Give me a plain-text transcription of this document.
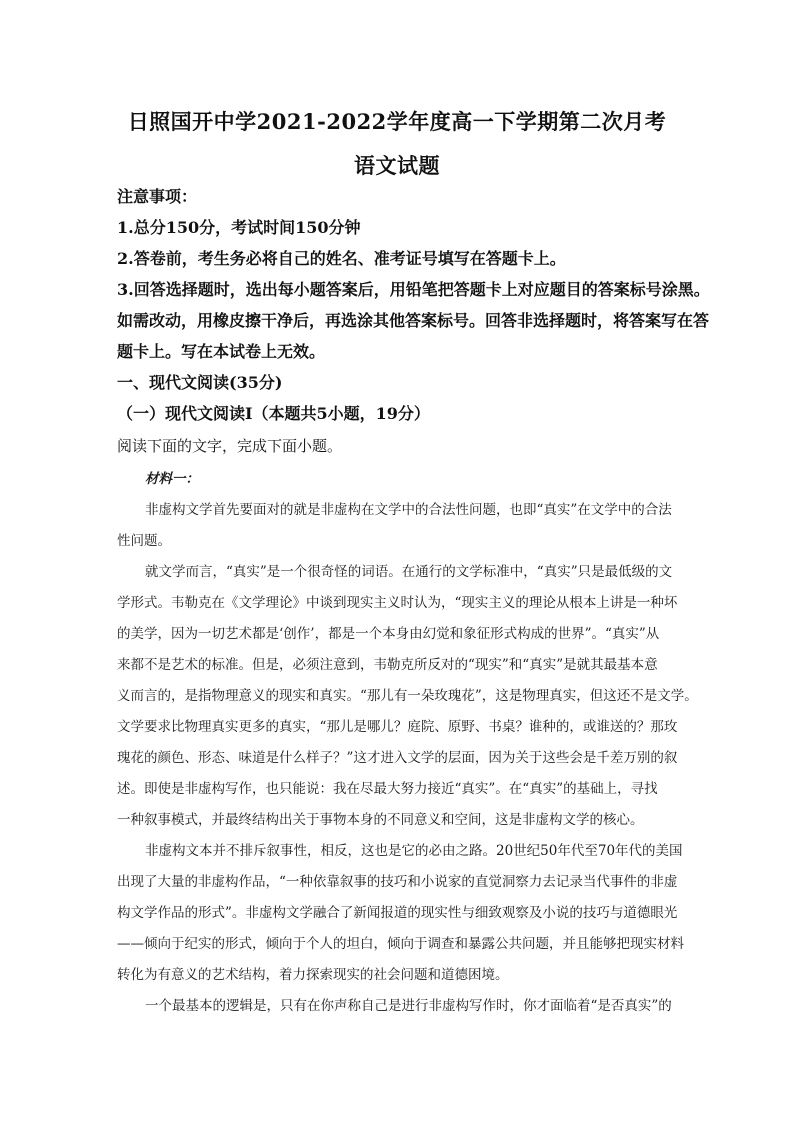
日照国开中学2021-2022学年度高一下学期第二次月考
语文试题
注意事项：
1.总分150分，考试时间150分钟
2.答卷前，考生务必将自己的姓名、准考证号填写在答题卡上。
3.回答选择题时，选出每小题答案后，用铅笔把答题卡上对应题目的答案标号涂黑。
如需改动，用橡皮擦干净后，再选涂其他答案标号。回答非选择题时，将答案写在答
题卡上。写在本试卷上无效。
一、现代文阅读(35分)
（一）现代文阅读Ⅰ（本题共5小题，19分）
阅读下面的文字，完成下面小题。
材料一：
非虚构文学首先要面对的就是非虚构在文学中的合法性问题，也即“真实”在文学中的合法
性问题。
就文学而言，“真实”是一个很奇怪的词语。在通行的文学标准中，“真实”只是最低级的文
学形式。韦勒克在《文学理论》中谈到现实主义时认为，“现实主义的理论从根本上讲是一种坏
的美学，因为一切艺术都是‘创作’，都是一个本身由幻觉和象征形式构成的世界”。“真实”从
来都不是艺术的标准。但是，必须注意到，韦勒克所反对的“现实”和“真实”是就其最基本意
义而言的，是指物理意义的现实和真实。“那儿有一朵玫瑰花”，这是物理真实，但这还不是文学。
文学要求比物理真实更多的真实，“那儿是哪儿？庭院、原野、书桌？谁种的，或谁送的？那玫
瑰花的颜色、形态、味道是什么样子？”这才进入文学的层面，因为关于这些会是千差万别的叙
述。即使是非虚构写作，也只能说：我在尽最大努力接近“真实”。在“真实”的基础上，寻找
一种叙事模式，并最终结构出关于事物本身的不同意义和空间，这是非虚构文学的核心。
非虚构文本并不排斥叙事性，相反，这也是它的必由之路。20世纪50年代至70年代的美国
出现了大量的非虚构作品，“一种依靠叙事的技巧和小说家的直觉洞察力去记录当代事件的非虚
构文学作品的形式”。非虚构文学融合了新闻报道的现实性与细致观察及小说的技巧与道德眼光
——倾向于纪实的形式，倾向于个人的坦白，倾向于调查和暴露公共问题，并且能够把现实材料
转化为有意义的艺术结构，着力探索现实的社会问题和道德困境。
一个最基本的逻辑是，只有在你声称自己是进行非虚构写作时，你才面临着“是否真实”的
